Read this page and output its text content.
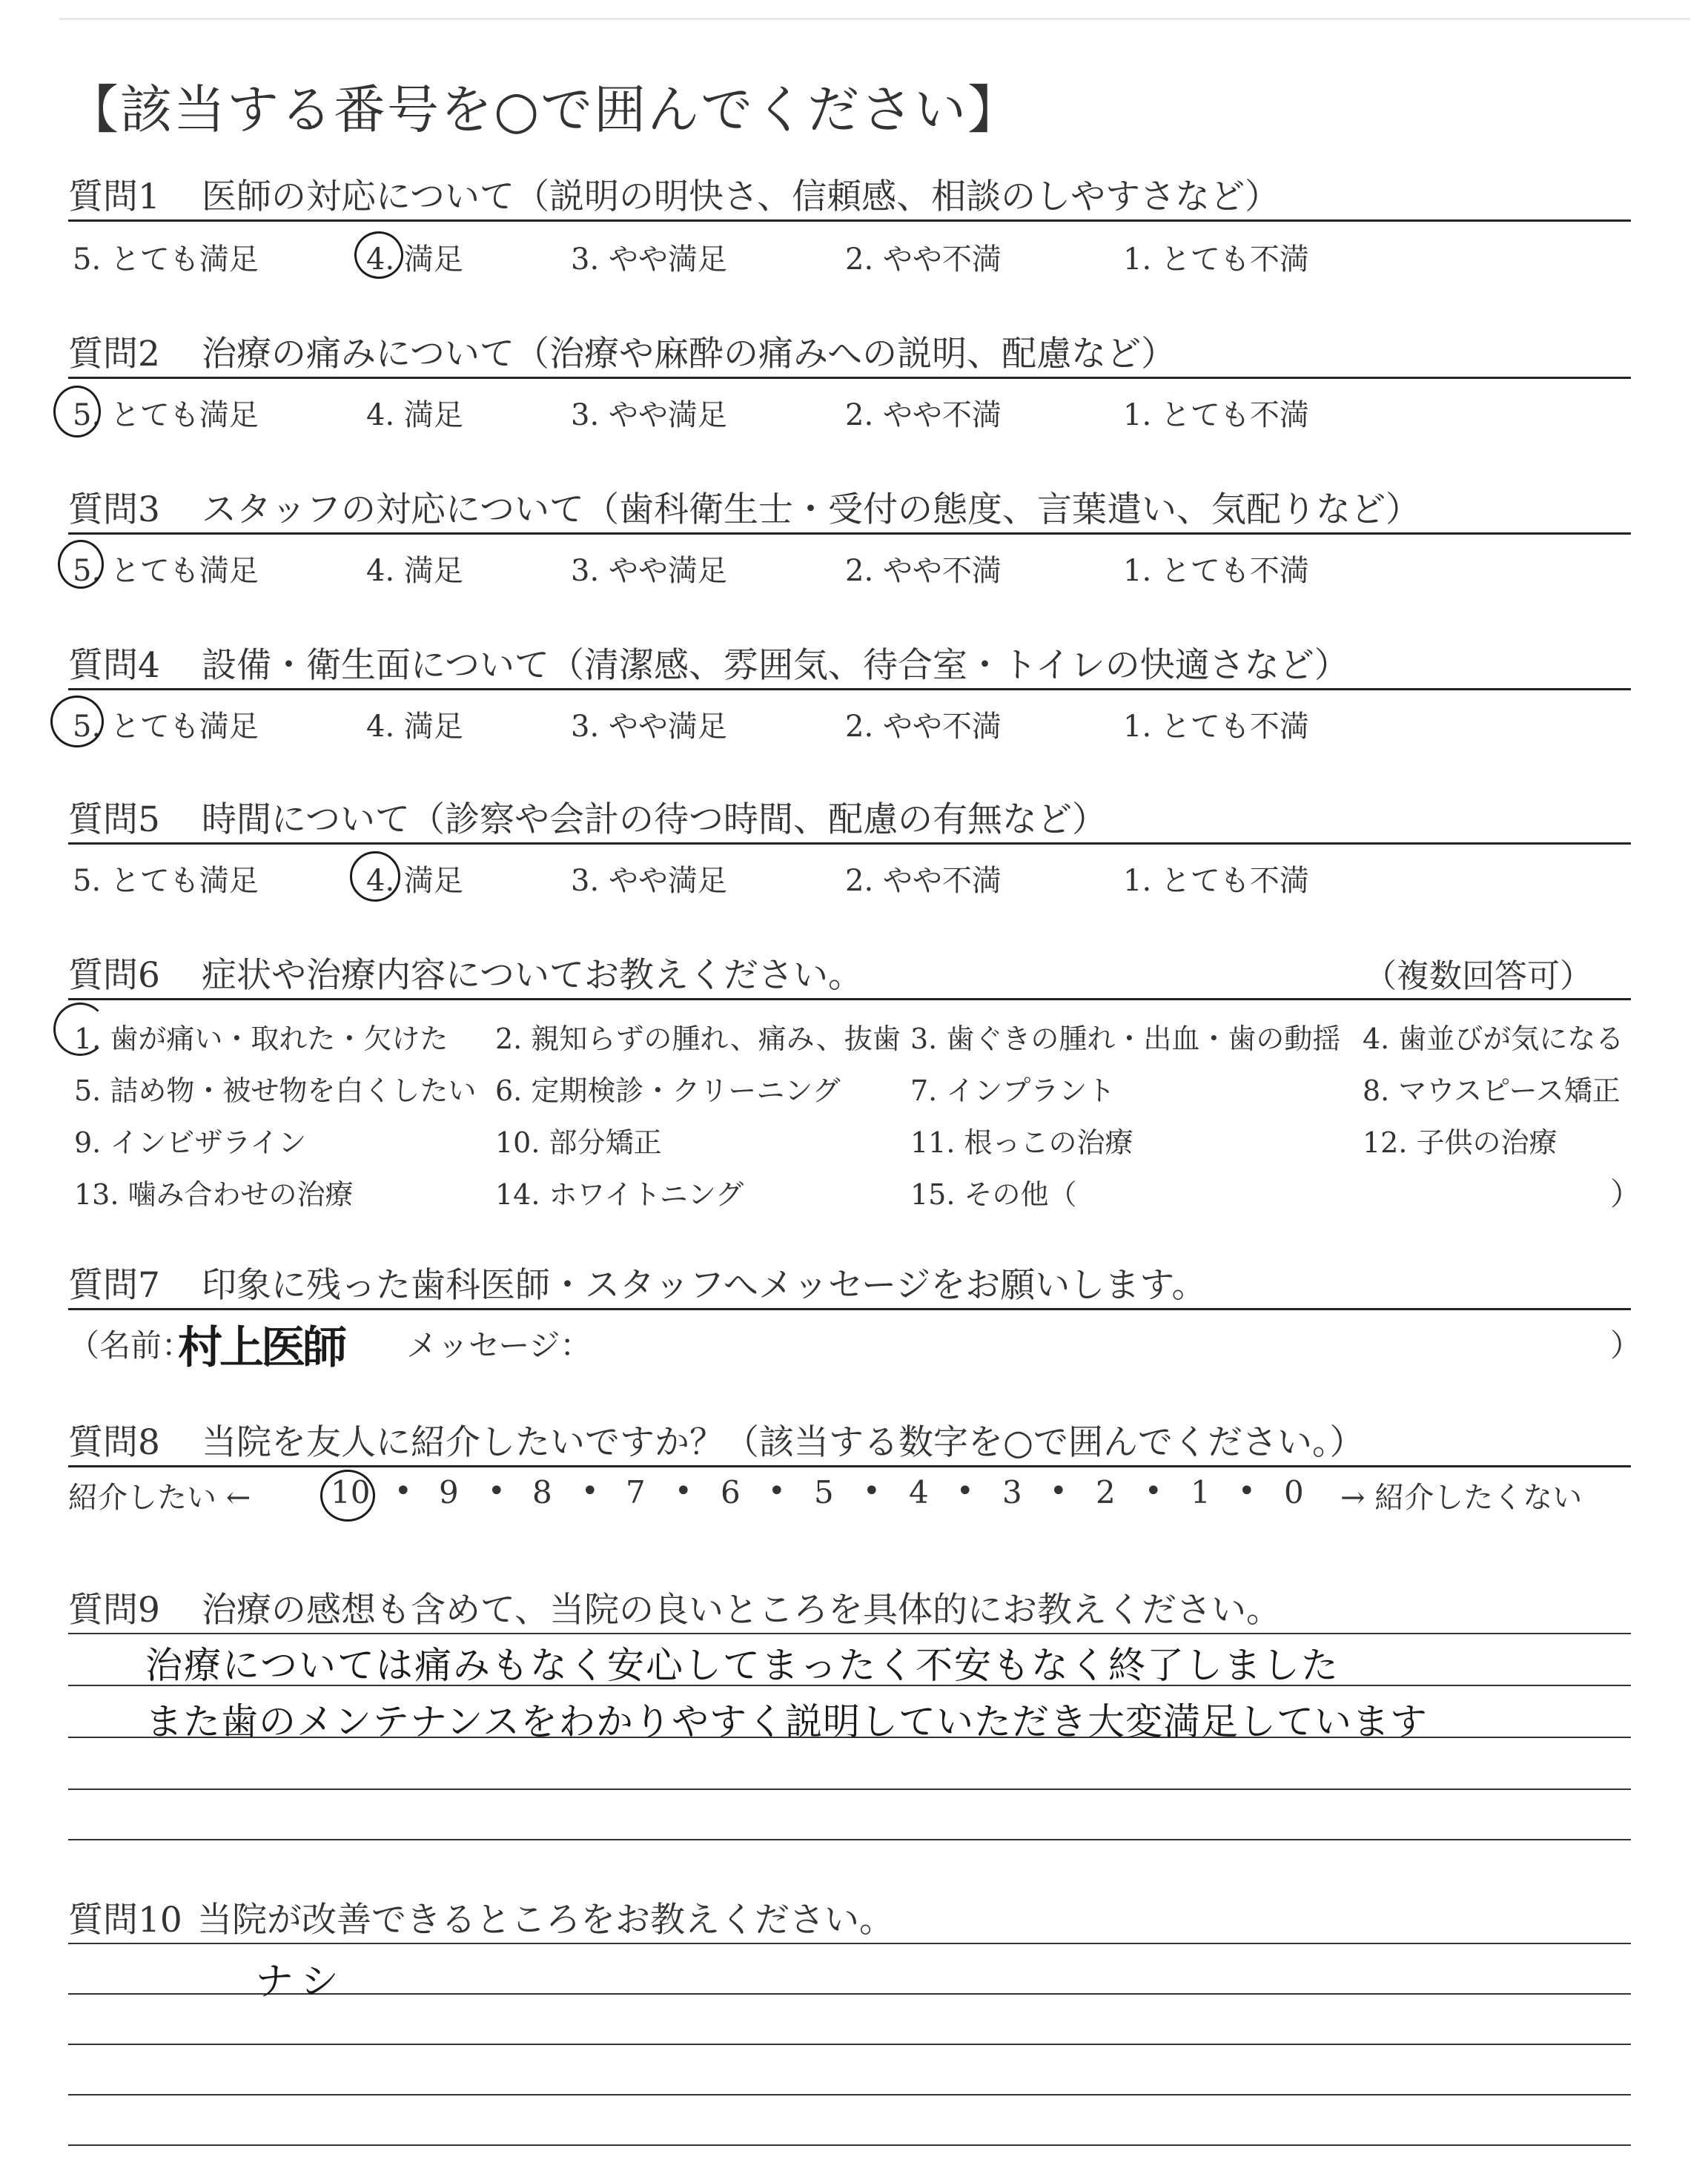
【該当する番号を○で囲んでください】
質問1 医師の対応について（説明の明快さ、信頼感、相談のしやすさなど）
5. とても満足	4. 満足	3. やや満足	2. やや不満	1. とても不満
質問2 治療の痛みについて（治療や麻酔の痛みへの説明、配慮など）
5. とても満足	4. 満足	3. やや満足	2. やや不満	1. とても不満
質問3 スタッフの対応について（歯科衛生士・受付の態度、言葉遣い、気配りなど）
5. とても満足	4. 満足	3. やや満足	2. やや不満	1. とても不満
質問4 設備・衛生面について（清潔感、雰囲気、待合室・トイレの快適さなど）
5. とても満足	4. 満足	3. やや満足	2. やや不満	1. とても不満
質問5 時間について（診察や会計の待つ時間、配慮の有無など）
5. とても満足	4. 満足	3. やや満足	2. やや不満	1. とても不満
質問6 症状や治療内容についてお教えください。	（複数回答可）
1. 歯が痛い・取れた・欠けた 2. 親知らずの腫れ、痛み、抜歯 3. 歯ぐきの腫れ・出血・歯の動揺 4. 歯並びが気になる
5. 詰め物・被せ物を白くしたい 6. 定期検診・クリーニング 7. インプラント	8. マウスピース矯正
9. インビザライン	10. 部分矯正	11. 根っこの治療	12. 子供の治療
13. 噛み合わせの治療	14. ホワイトニング	15. その他（	）
質問7 印象に残った歯科医師・スタッフへメッセージをお願いします。
（名前：
村上医師 メッセージ：	）
質問8 当院を友人に紹介したいですか？（該当する数字を○で囲んでください。）
紹介したい ←	10 • 9 • 8 • 7 • 6 • 5 • 4 • 3 • 2 • 1 • 0 → 紹介したくない
質問9 治療の感想も含めて、当院の良いところを具体的にお教えください。
治療については痛みもなく安心してまったく不安もなく終了しました
また歯のメンテナンスをわかりやすく説明していただき大変満足しています
質問10 当院が改善できるところをお教えください。
ナシ
